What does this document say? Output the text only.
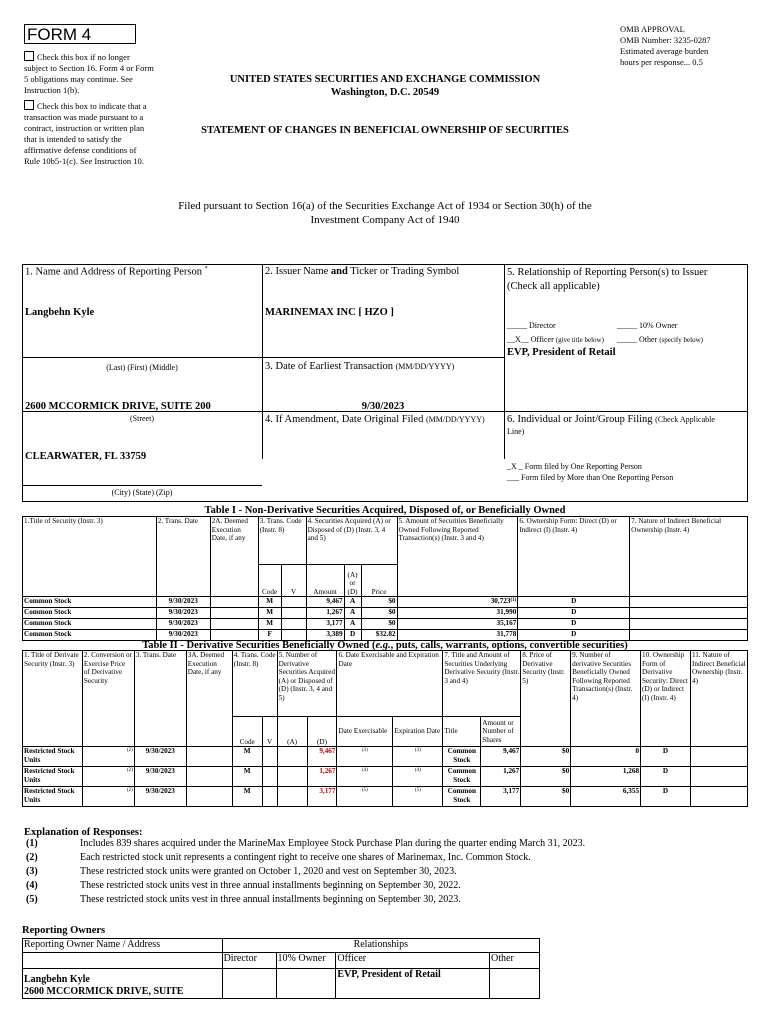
FORM 4
Check this box if no longer subject to Section 16. Form 4 or Form 5 obligations may continue. See Instruction 1(b).
Check this box to indicate that a transaction was made pursuant to a contract, instruction or written plan that is intended to satisfy the affirmative defense conditions of Rule 10b5-1(c). See Instruction 10.
OMB APPROVAL
OMB Number: 3235-0287
Estimated average burden
hours per response... 0.5
UNITED STATES SECURITIES AND EXCHANGE COMMISSION
Washington, D.C. 20549
STATEMENT OF CHANGES IN BENEFICIAL OWNERSHIP OF SECURITIES
Filed pursuant to Section 16(a) of the Securities Exchange Act of 1934 or Section 30(h) of the
Investment Company Act of 1940
1. Name and Address of Reporting Person *
Langbehn Kyle
(Last) (First) (Middle)
2600 MCCORMICK DRIVE, SUITE 200
(Street)
CLEARWATER, FL 33759
(City) (State) (Zip)
2. Issuer Name and Ticker or Trading Symbol
MARINEMAX INC [ HZO ]
3. Date of Earliest Transaction (MM/DD/YYYY)
9/30/2023
4. If Amendment, Date Original Filed (MM/DD/YYYY)
5. Relationship of Reporting Person(s) to Issuer
(Check all applicable)
_____ Director	_____ 10% Owner
__X__ Officer (give title below) _____ Other (specify below)
EVP, President of Retail
6. Individual or Joint/Group Filing (Check Applicable
Line)
_X _ Form filed by One Reporting Person
___ Form filed by More than One Reporting Person
Table I - Non-Derivative Securities Acquired, Disposed of, or Beneficially Owned
1.Title of Security (Instr. 3)	2. Trans. Date	2A. Deemed Execution Date, if any	3. Trans. Code (Instr. 8)		4. Securities Acquired (A) or Disposed of (D) (Instr. 3, 4 and 5)			5. Amount of Securities Beneficially Owned Following Reported Transaction(s) (Instr. 3 and 4)	6. Ownership Form: Direct (D) or Indirect (I) (Instr. 4)	7. Nature of Indirect Beneficial Ownership (Instr. 4)
			Code	V	Amount	(A) or (D)	Price			
Common Stock	9/30/2023		M		9,467	A	$0	30,723$^{(1)}$	D	
Common Stock	9/30/2023		M		1,267	A	$0	31,990	D	
Common Stock	9/30/2023		M		3,177	A	$0	35,167	D	
Common Stock	9/30/2023		F		3,389	D	$32.82	31,778	D	
Table II - Derivative Securities Beneficially Owned (e.g., puts, calls, warrants, options, convertible securities)
1. Title of Derivate Security (Instr. 3)	2. Conversion or Exercise Price of Derivative Security	3. Trans. Date	3A. Deemed Execution Date, if any	4. Trans. Code (Instr. 8)		5. Number of Derivative Securities Acquired (A) or Disposed of (D) (Instr. 3, 4 and 5)		6. Date Exercisable and Expiration Date		7. Title and Amount of Securities Underlying Derivative Security (Instr. 3 and 4)		8. Price of Derivative Security (Instr. 5)	9. Number of derivative Securities Beneficially Owned Following Reported Transaction(s) (Instr. 4)	10. Ownership Form of Derivative Security: Direct (D) or Indirect (I) (Instr. 4)	11. Nature of Indirect Beneficial Ownership (Instr. 4)
				Code	V	(A)	(D)	Date Exercisable	Expiration Date	Title	Amount or Number of Shares				
Restricted Stock Units	$^{(2)}$	9/30/2023		M			9,467	$^{(3)}$	$^{(3)}$	Common Stock	9,467	$0	0	D	
Restricted Stock Units	$^{(2)}$	9/30/2023		M			1,267	$^{(4)}$	$^{(4)}$	Common Stock	1,267	$0	1,268	D	
Restricted Stock Units	$^{(2)}$	9/30/2023		M			3,177	$^{(5)}$	$^{(5)}$	Common Stock	3,177	$0	6,355	D	
Explanation of Responses:
(1)	Includes 839 shares acquired under the MarineMax Employee Stock Purchase Plan during the quarter ending March 31, 2023.
(2)	Each restricted stock unit represents a contingent right to receive one shares of Marinemax, Inc. Common Stock.
(3)	These restricted stock units were granted on October 1, 2020 and vest on September 30, 2023.
(4)	These restricted stock units vest in three annual installments beginning on September 30, 2022.
(5)	These restricted stock units vest in three annual installments beginning on September 30, 2023.
Reporting Owners
Reporting Owner Name / Address	Relationships			
	Director	10% Owner	Officer	Other

Langbehn Kyle
2600 MCCORMICK DRIVE, SUITE			EVP, President of Retail	
